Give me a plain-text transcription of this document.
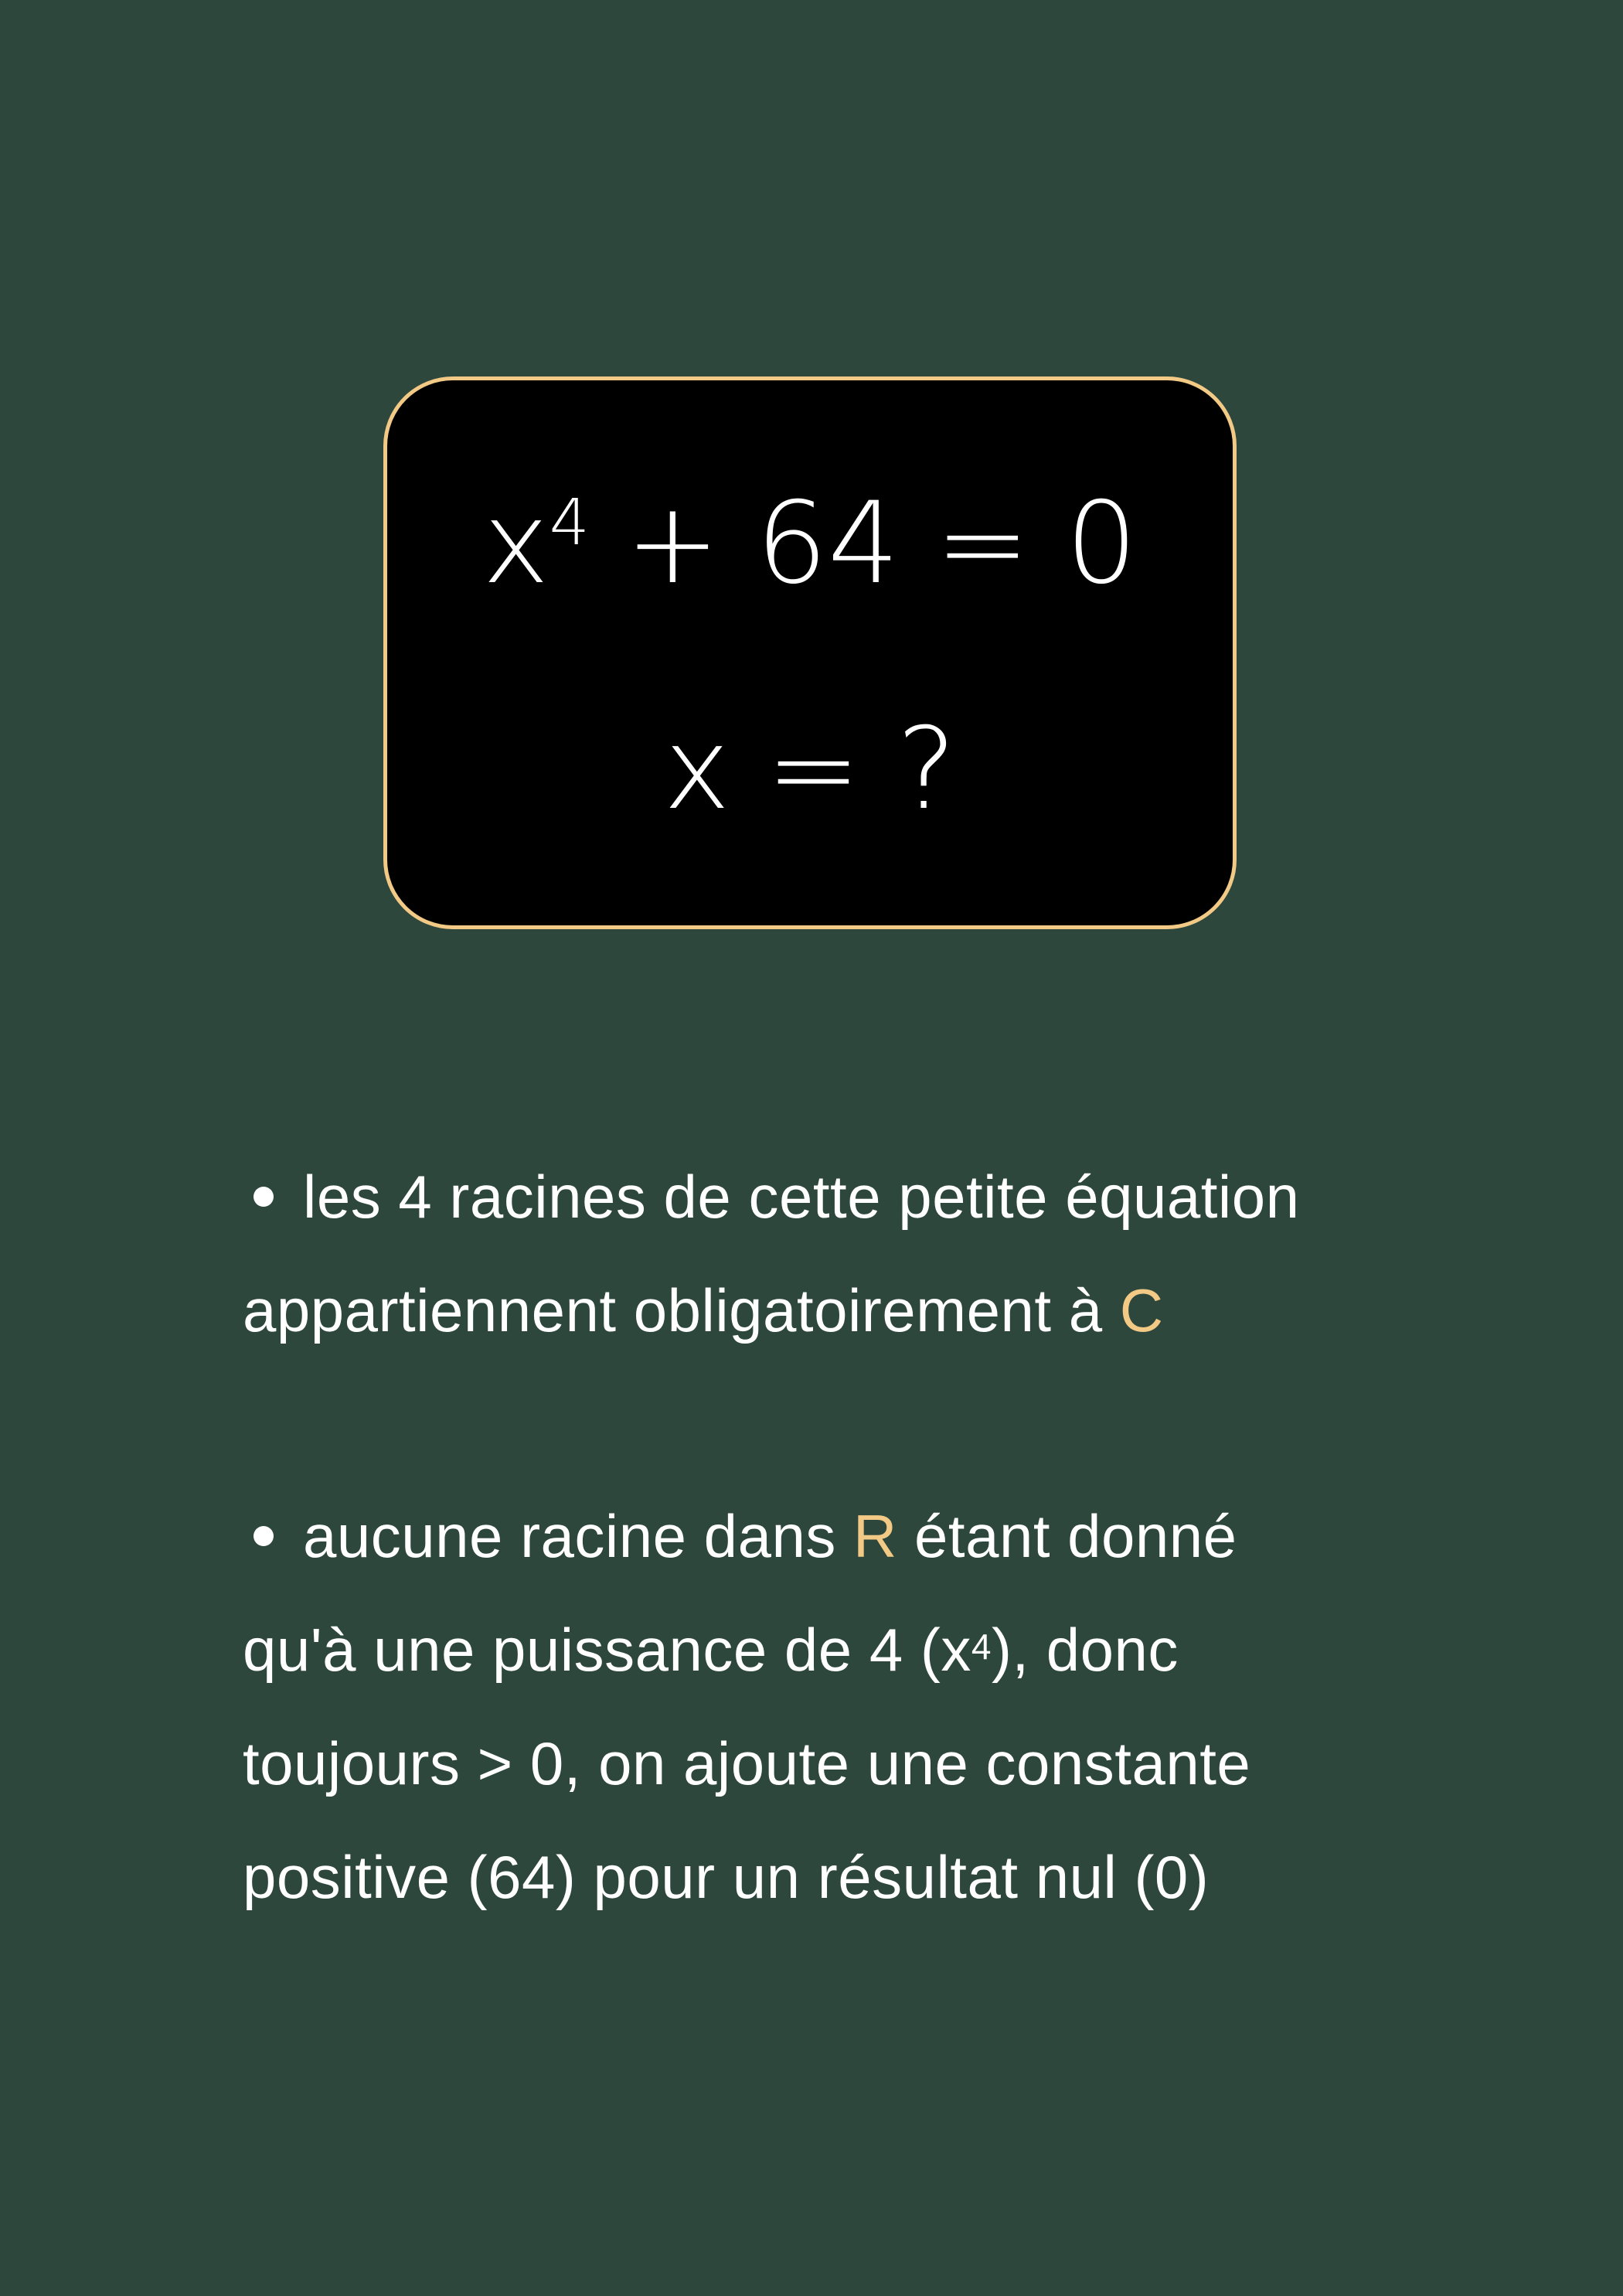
$x^4 + 64 = 0$
x = ?
les 4 racines de cette petite équation
appartiennent obligatoirement à C
aucune racine dans R étant donné
qu'à une puissance de 4 $(x^4)$, donc
toujours > 0, on ajoute une constante
positive (64) pour un résultat nul (0)
